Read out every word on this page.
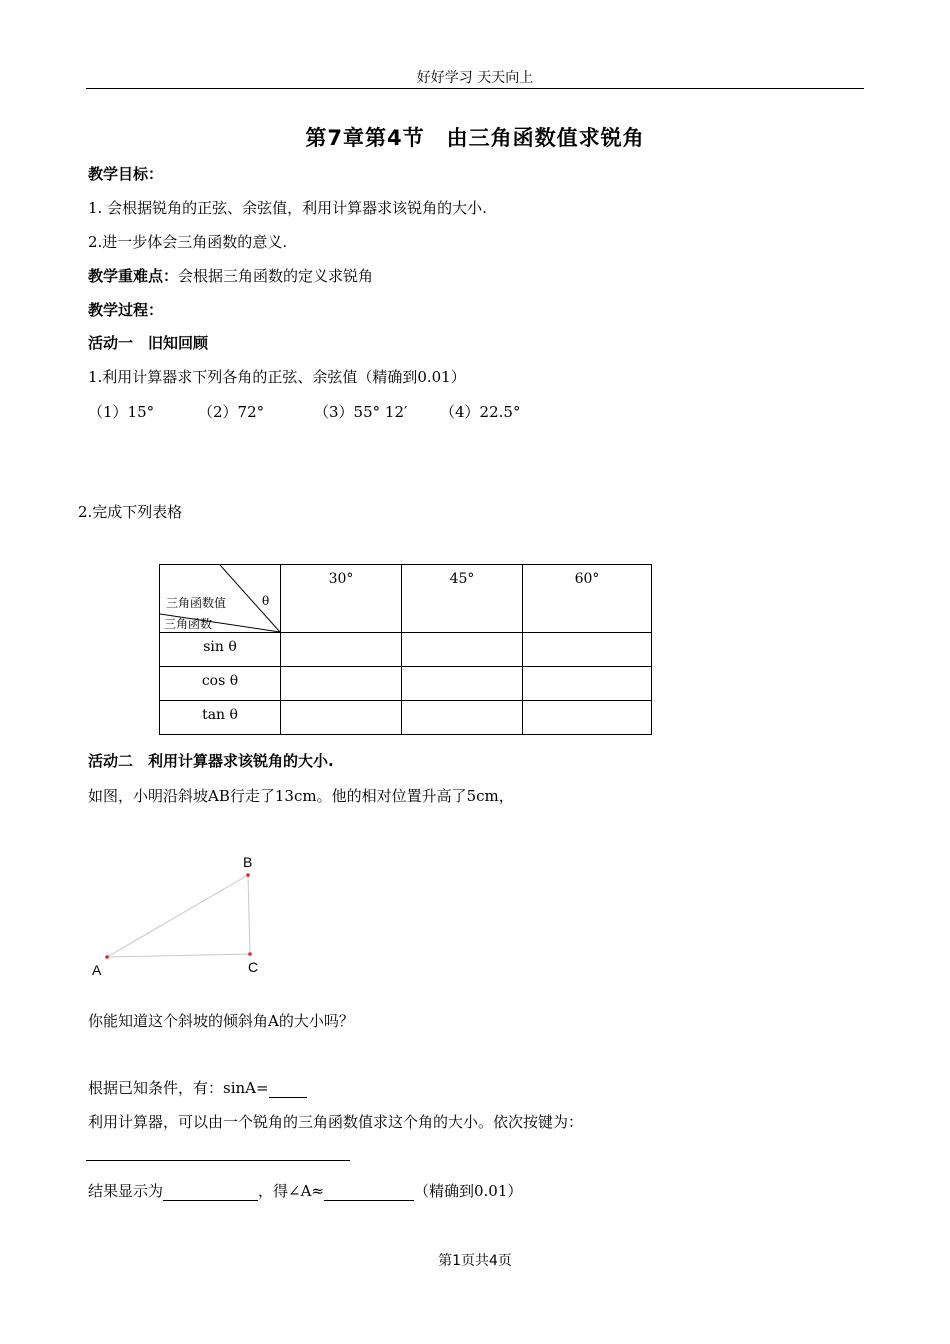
好好学习 天天向上
第7章第4节　由三角函数值求锐角
教学目标：
1. 会根据锐角的正弦、余弦值，利用计算器求该锐角的大小.
2.进一步体会三角函数的意义.
教学重难点：会根据三角函数的定义求锐角
教学过程：
活动一　旧知回顾
1.利用计算器求下列各角的正弦、余弦值（精确到0.01）
（1）15°	（2）72°	（3）55° 12′ （4）22.5°
2.完成下列表格
三角函数值 θ
三角函数	30°	45°	60°
sin θ			
cos θ			
tan θ			
活动二　利用计算器求该锐角的大小.
如图，小明沿斜坡AB行走了13cm。他的相对位置升高了5cm，
A
B
C
你能知道这个斜坡的倾斜角A的大小吗？
根据已知条件，有：sinA=
利用计算器，可以由一个锐角的三角函数值求这个角的大小。依次按键为：
结果显示为	，得∠A≈	（精确到0.01）
第1页共4页
